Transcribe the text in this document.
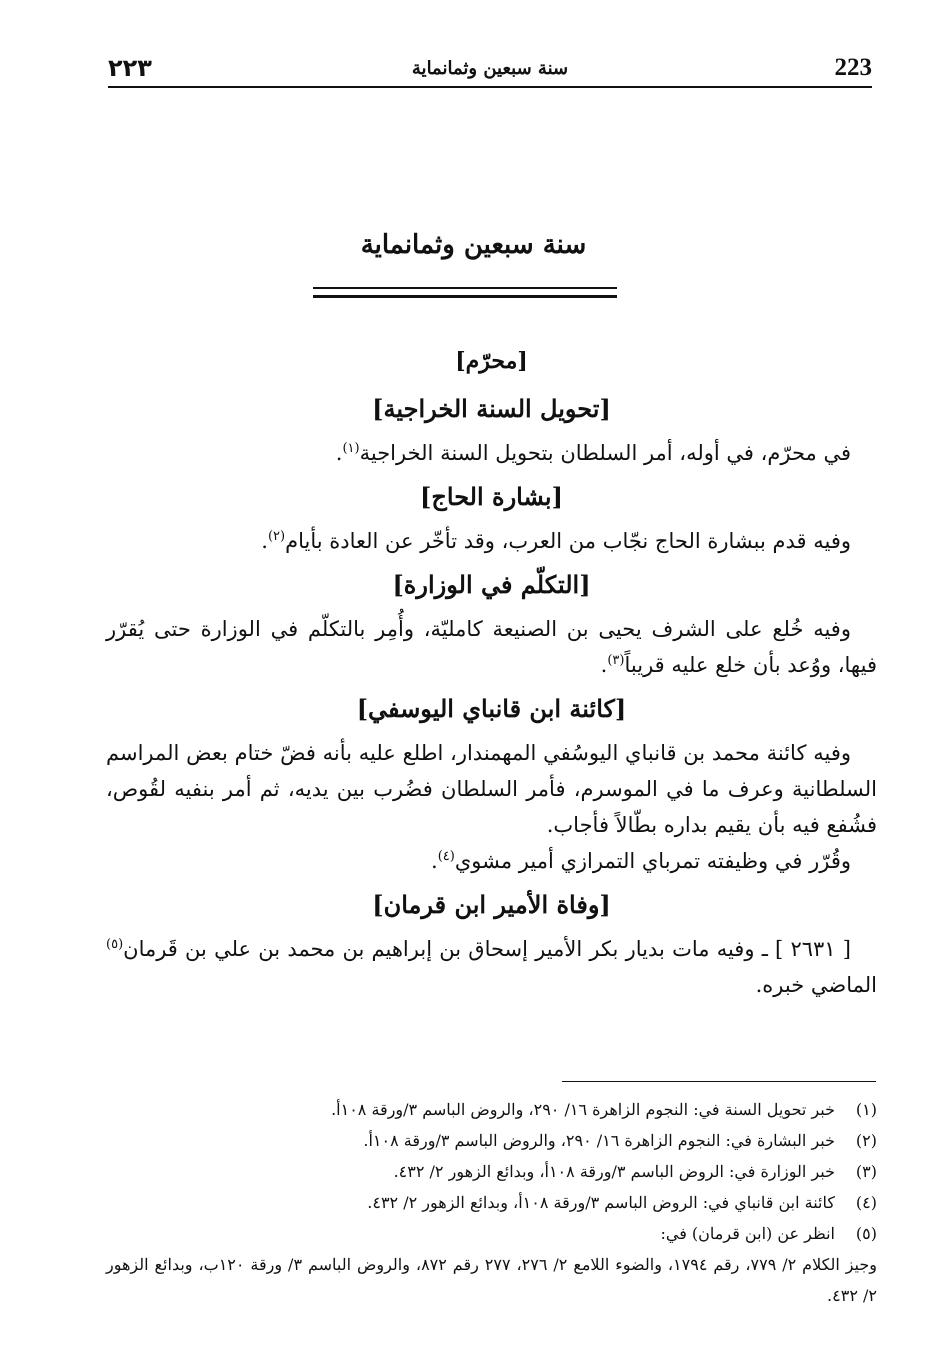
٢٢٣	سنة سبعين وثمانماية	223
سنة سبعين وثمانماية
[محرّم]
[تحويل السنة الخراجية]

في محرّم، في أوله، أمر السلطان بتحويل السنة الخراجية$^{(١)}$.

[بشارة الحاج]

وفيه قدم ببشارة الحاج نجّاب من العرب، وقد تأخّر عن العادة بأيام$^{(٢)}$.

[التكلّم في الوزارة]

وفيه خُلع على الشرف يحيى بن الصنيعة كامليّة، وأُمِر بالتكلّم في الوزارة حتى يُقرّر فيها، ووُعد بأن خلع عليه قريباً$^{(٣)}$.

[كائنة ابن قانباي اليوسفي]

وفيه كائنة محمد بن قانباي اليوسُفي المهمندار، اطلع عليه بأنه فضّ ختام بعض المراسم السلطانية وعرف ما في الموسرم، فأمر السلطان فضُرب بين يديه، ثم أمر بنفيه لقُوص، فشُفع فيه بأن يقيم بداره بطّالاً فأجاب.

وقُرّر في وظيفته تمرباي التمرازي أمير مشوي$^{(٤)}$.

[وفاة الأمير ابن قرمان]

[ ٢٦٣١ ] ـ وفيه مات بديار بكر الأمير إسحاق بن إبراهيم بن محمد بن علي بن قَرمان$^{(٥)}$ الماضي خبره.

(١)
خبر تحويل السنة في: النجوم الزاهرة ١٦/ ٢٩٠، والروض الباسم ٣/ورقة ١٠٨أ.
(٢)
خبر البشارة في: النجوم الزاهرة ١٦/ ٢٩٠، والروض الباسم ٣/ورقة ١٠٨أ.
(٣)
خبر الوزارة في: الروض الباسم ٣/ورقة ١٠٨أ، وبدائع الزهور ٢/ ٤٣٢.
(٤)
كائنة ابن قانباي في: الروض الباسم ٣/ورقة ١٠٨أ، وبدائع الزهور ٢/ ٤٣٢.
(٥)
انظر عن (ابن قرمان) في:
وجيز الكلام ٢/ ٧٧٩، رقم ١٧٩٤، والضوء اللامع ٢/ ٢٧٦، ٢٧٧ رقم ٨٧٢، والروض الباسم ٣/ ورقة ١٢٠ب، وبدائع الزهور ٢/ ٤٣٢.
